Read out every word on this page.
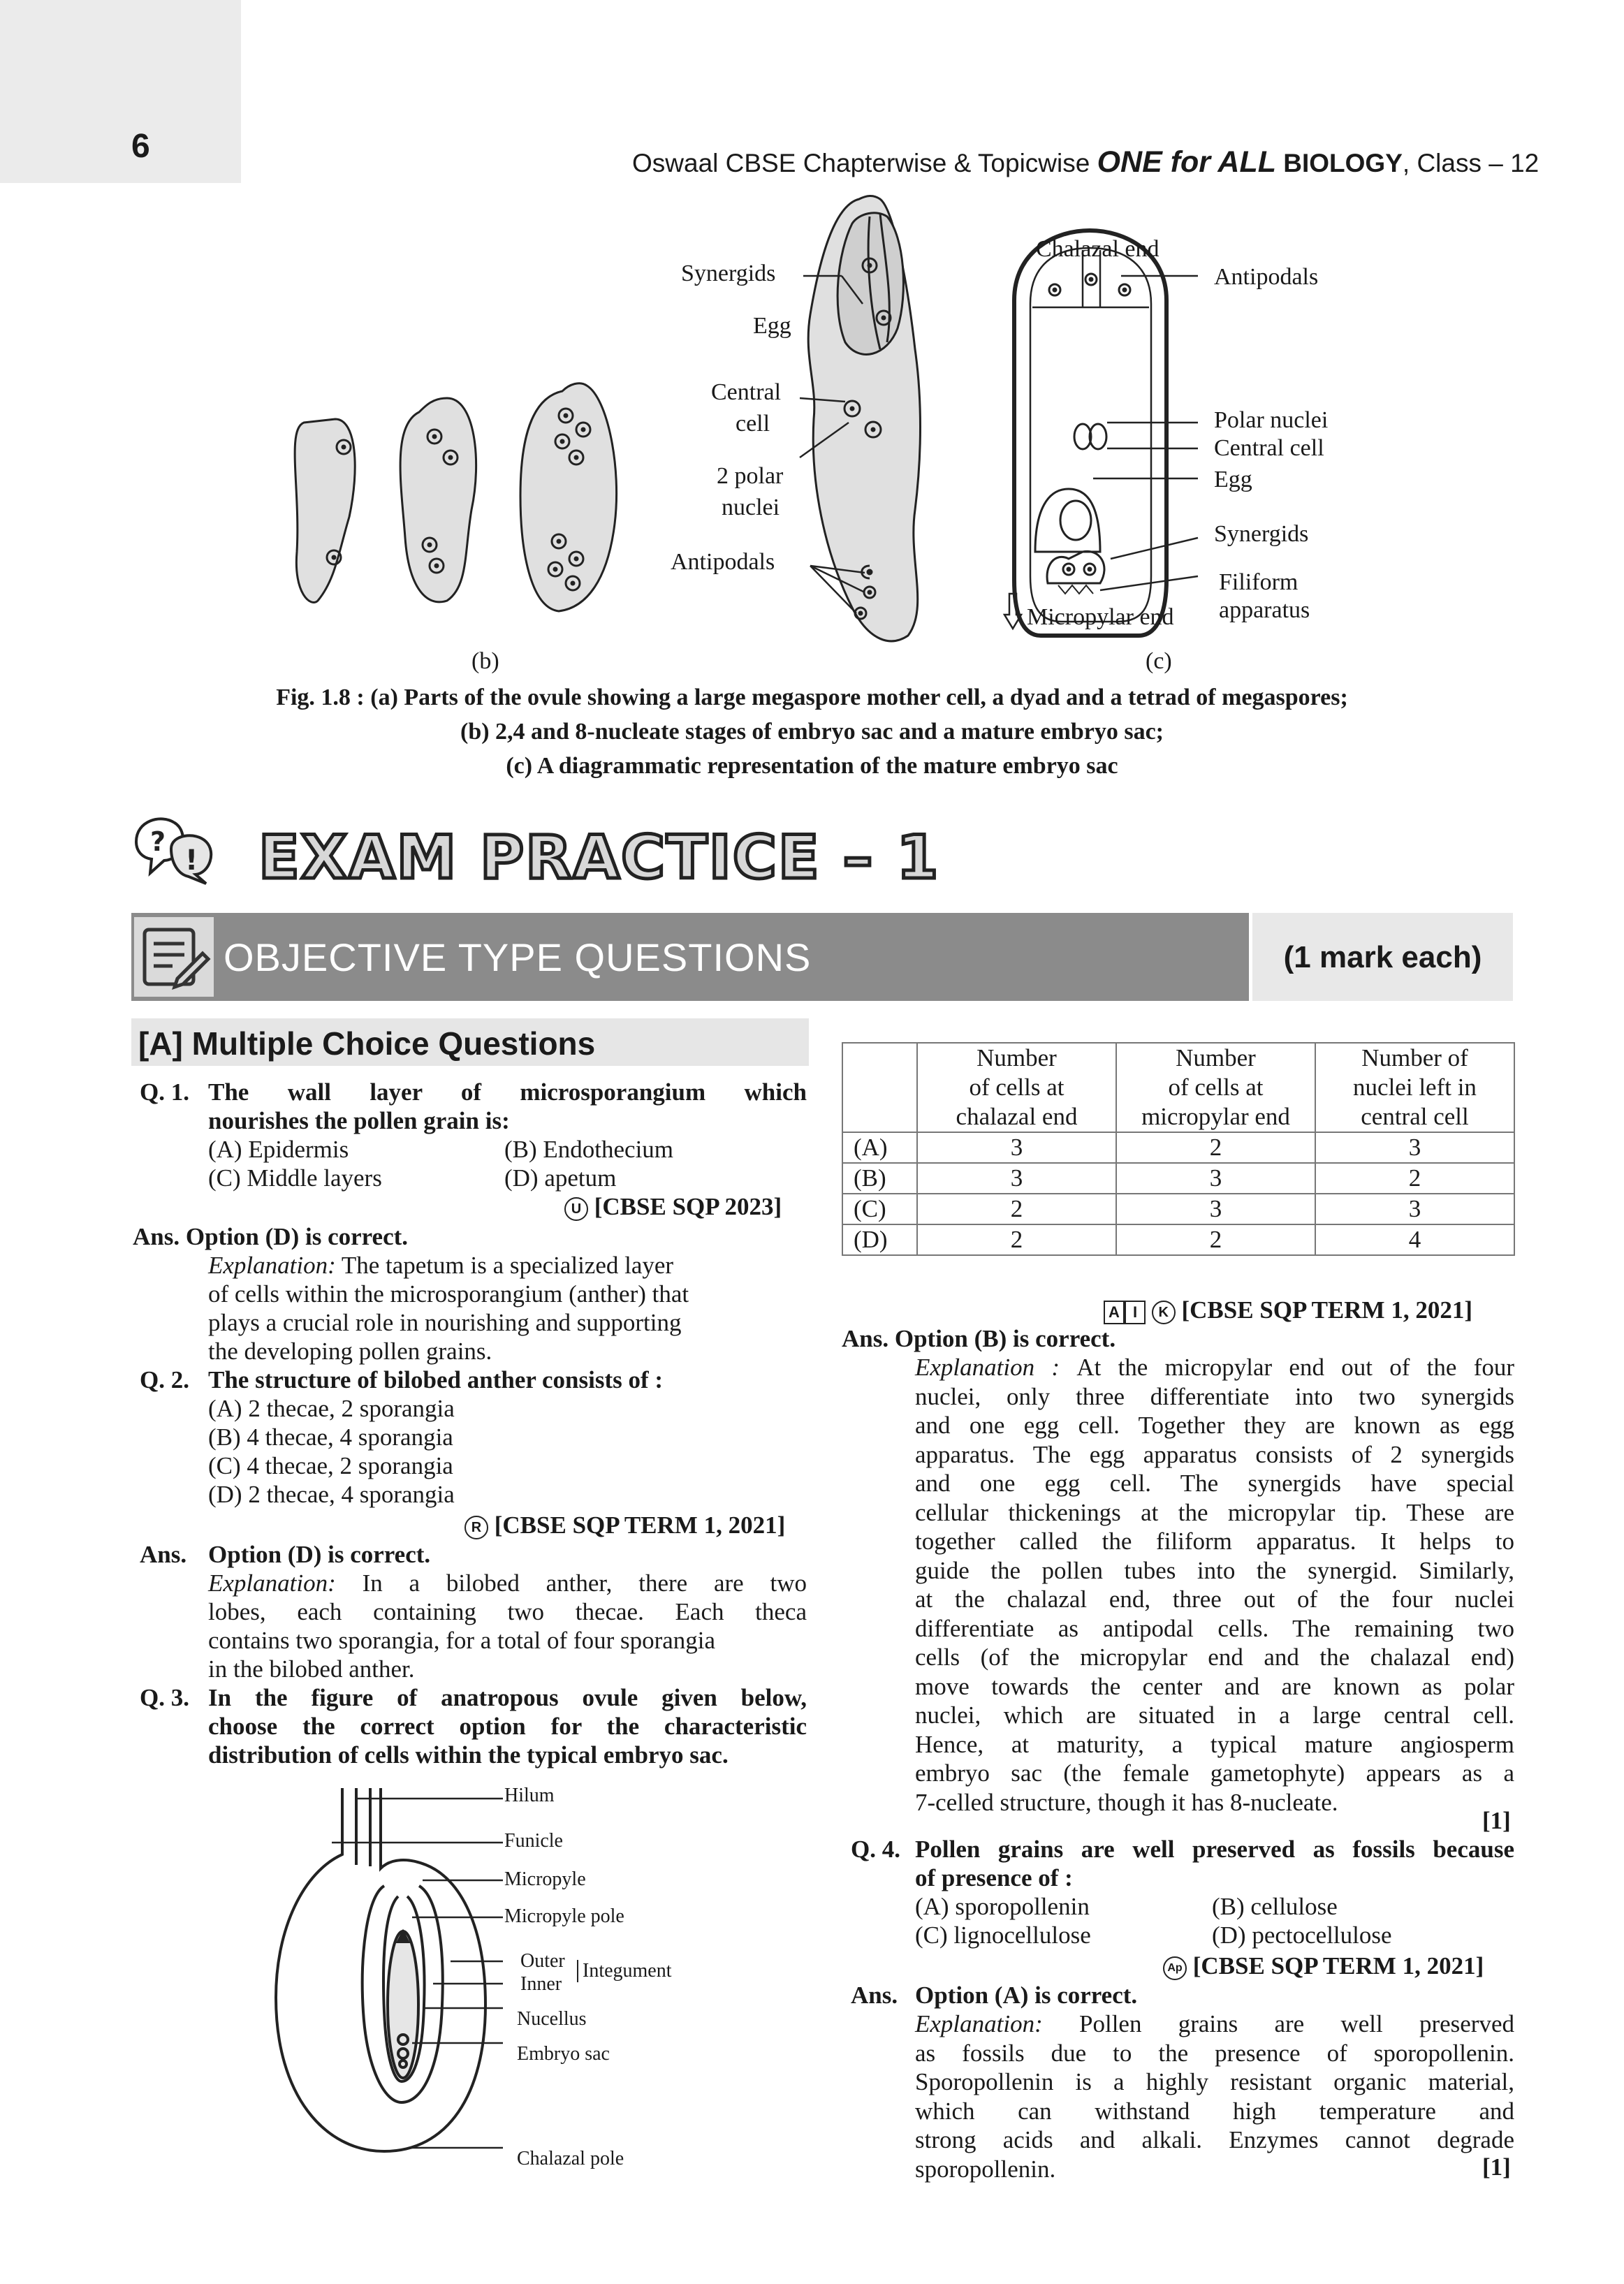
6	Oswaal CBSE Chapterwise & Topicwise ONE for ALL BIOLOGY, Class – 12
Synergids
Egg
Central
cell
2 polar
nuclei
Antipodals
(b)
Chalazal end
Antipodals
Polar nuclei
Central cell
Egg
Synergids
Filiform
apparatus
Micropylar end
(c)
Fig. 1.8 : (a) Parts of the ovule showing a large megaspore mother cell, a dyad and a tetrad of megaspores;
(b) 2,4 and 8-nucleate stages of embryo sac and a mature embryo sac;
(c) A diagrammatic representation of the mature embryo sac
?
! EXAM PRACTICE – 1
OBJECTIVE TYPE QUESTIONS	(1 mark each)
[A] Multiple Choice Questions
Q. 1. The wall layer of microsporangium which
nourishes the pollen grain is:
(A) Epidermis	(B) Endothecium
(C) Middle layers	(D) apetum
U [CBSE SQP 2023]
Ans. Option (D) is correct.
Explanation: The tapetum is a specialized layer
of cells within the microsporangium (anther) that
plays a crucial role in nourishing and supporting
the developing pollen grains.
Q. 2. The structure of bilobed anther consists of :
(A) 2 thecae, 2 sporangia
(B) 4 thecae, 4 sporangia
(C) 4 thecae, 2 sporangia
(D) 2 thecae, 4 sporangia
R [CBSE SQP TERM 1, 2021]
Ans. Option (D) is correct.
Explanation: In a bilobed anther, there are two
lobes, each containing two thecae. Each theca
contains two sporangia, for a total of four sporangia
in the bilobed anther.
Q. 3. In the figure of anatropous ovule given below,
choose the correct option for the characteristic
distribution of cells within the typical embryo sac.
Hilum
Funicle
Micropyle
Micropyle pole
Outer
Inner
Integument
Nucellus
Embryo sac
Chalazal pole
	Number
of cells at
chalazal end	Number
of cells at
micropylar end	Number of
nuclei left in
central cell
(A)	3	2	3
(B)	3	3	2
(C)	2	3	3
(D)	2	2	4
A I K [CBSE SQP TERM 1, 2021]
Ans. Option (B) is correct.
Explanation : At the micropylar end out of the four
nuclei, only three differentiate into two synergids
and one egg cell. Together they are known as egg
apparatus. The egg apparatus consists of 2 synergids
and one egg cell. The synergids have special
cellular thickenings at the micropylar tip. These are
together called the filiform apparatus. It helps to
guide the pollen tubes into the synergid. Similarly,
at the chalazal end, three out of the four nuclei
differentiate as antipodal cells. The remaining two
cells (of the micropylar end and the chalazal end)
move towards the center and are known as polar
nuclei, which are situated in a large central cell.
Hence, at maturity, a typical mature angiosperm
embryo sac (the female gametophyte) appears as a
7-celled structure, though it has 8-nucleate.
[1]
Q. 4. Pollen grains are well preserved as fossils because
of presence of :
(A) sporopollenin	(B) cellulose
(C) lignocellulose	(D) pectocellulose
Ap [CBSE SQP TERM 1, 2021]
Ans. Option (A) is correct.
Explanation: Pollen grains are well preserved
as fossils due to the presence of sporopollenin.
Sporopollenin is a highly resistant organic material,
which can withstand high temperature and
strong acids and alkali. Enzymes cannot degrade
sporopollenin.	[1]
